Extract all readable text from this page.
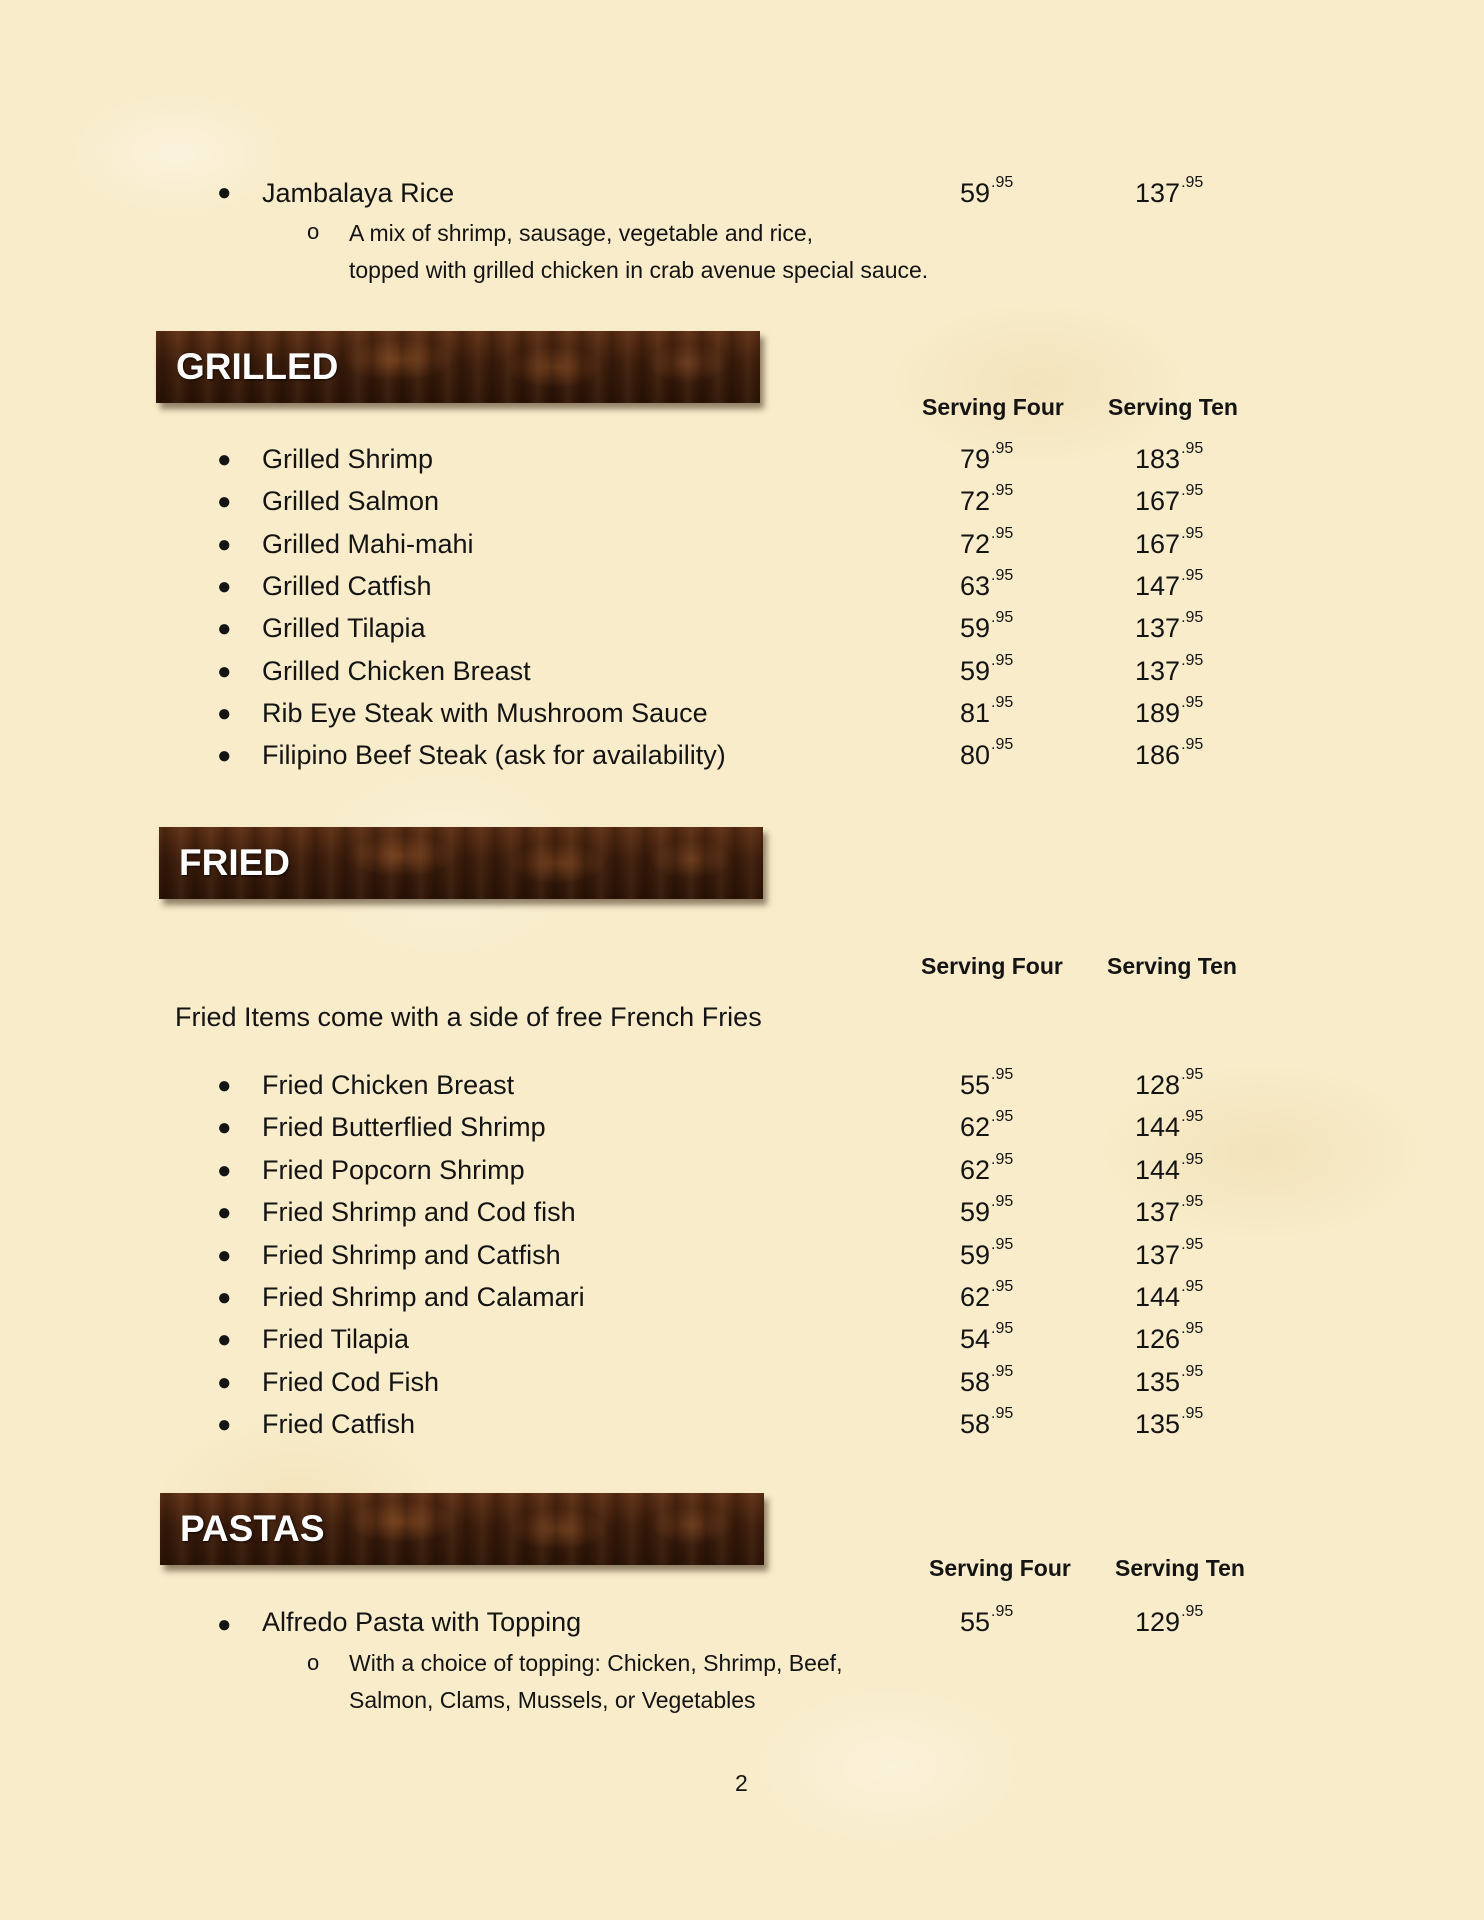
● Jambalaya Rice	$59^{.95}$	$137^{.95}$
o A mix of shrimp, sausage, vegetable and rice,
topped with grilled chicken in crab avenue special sauce.
GRILLED
Serving Four Serving Ten
● Grilled Shrimp	$79^{.95}$	$183^{.95}$
● Grilled Salmon	$72^{.95}$	$167^{.95}$
● Grilled Mahi-mahi	$72^{.95}$	$167^{.95}$
● Grilled Catfish	$63^{.95}$	$147^{.95}$
● Grilled Tilapia	$59^{.95}$	$137^{.95}$
● Grilled Chicken Breast	$59^{.95}$	$137^{.95}$
● Rib Eye Steak with Mushroom Sauce	$81^{.95}$	$189^{.95}$
● Filipino Beef Steak (ask for availability)	$80^{.95}$	$186^{.95}$
FRIED
Serving Four Serving Ten
Fried Items come with a side of free French Fries
● Fried Chicken Breast	$55^{.95}$	$128^{.95}$
● Fried Butterflied Shrimp	$62^{.95}$	$144^{.95}$
● Fried Popcorn Shrimp	$62^{.95}$	$144^{.95}$
● Fried Shrimp and Cod fish	$59^{.95}$	$137^{.95}$
● Fried Shrimp and Catfish	$59^{.95}$	$137^{.95}$
● Fried Shrimp and Calamari	$62^{.95}$	$144^{.95}$
● Fried Tilapia	$54^{.95}$	$126^{.95}$
● Fried Cod Fish	$58^{.95}$	$135^{.95}$
● Fried Catfish	$58^{.95}$	$135^{.95}$
PASTAS
Serving Four Serving Ten
● Alfredo Pasta with Topping	$55^{.95}$	$129^{.95}$
o With a choice of topping: Chicken, Shrimp, Beef,
Salmon, Clams, Mussels, or Vegetables
2
